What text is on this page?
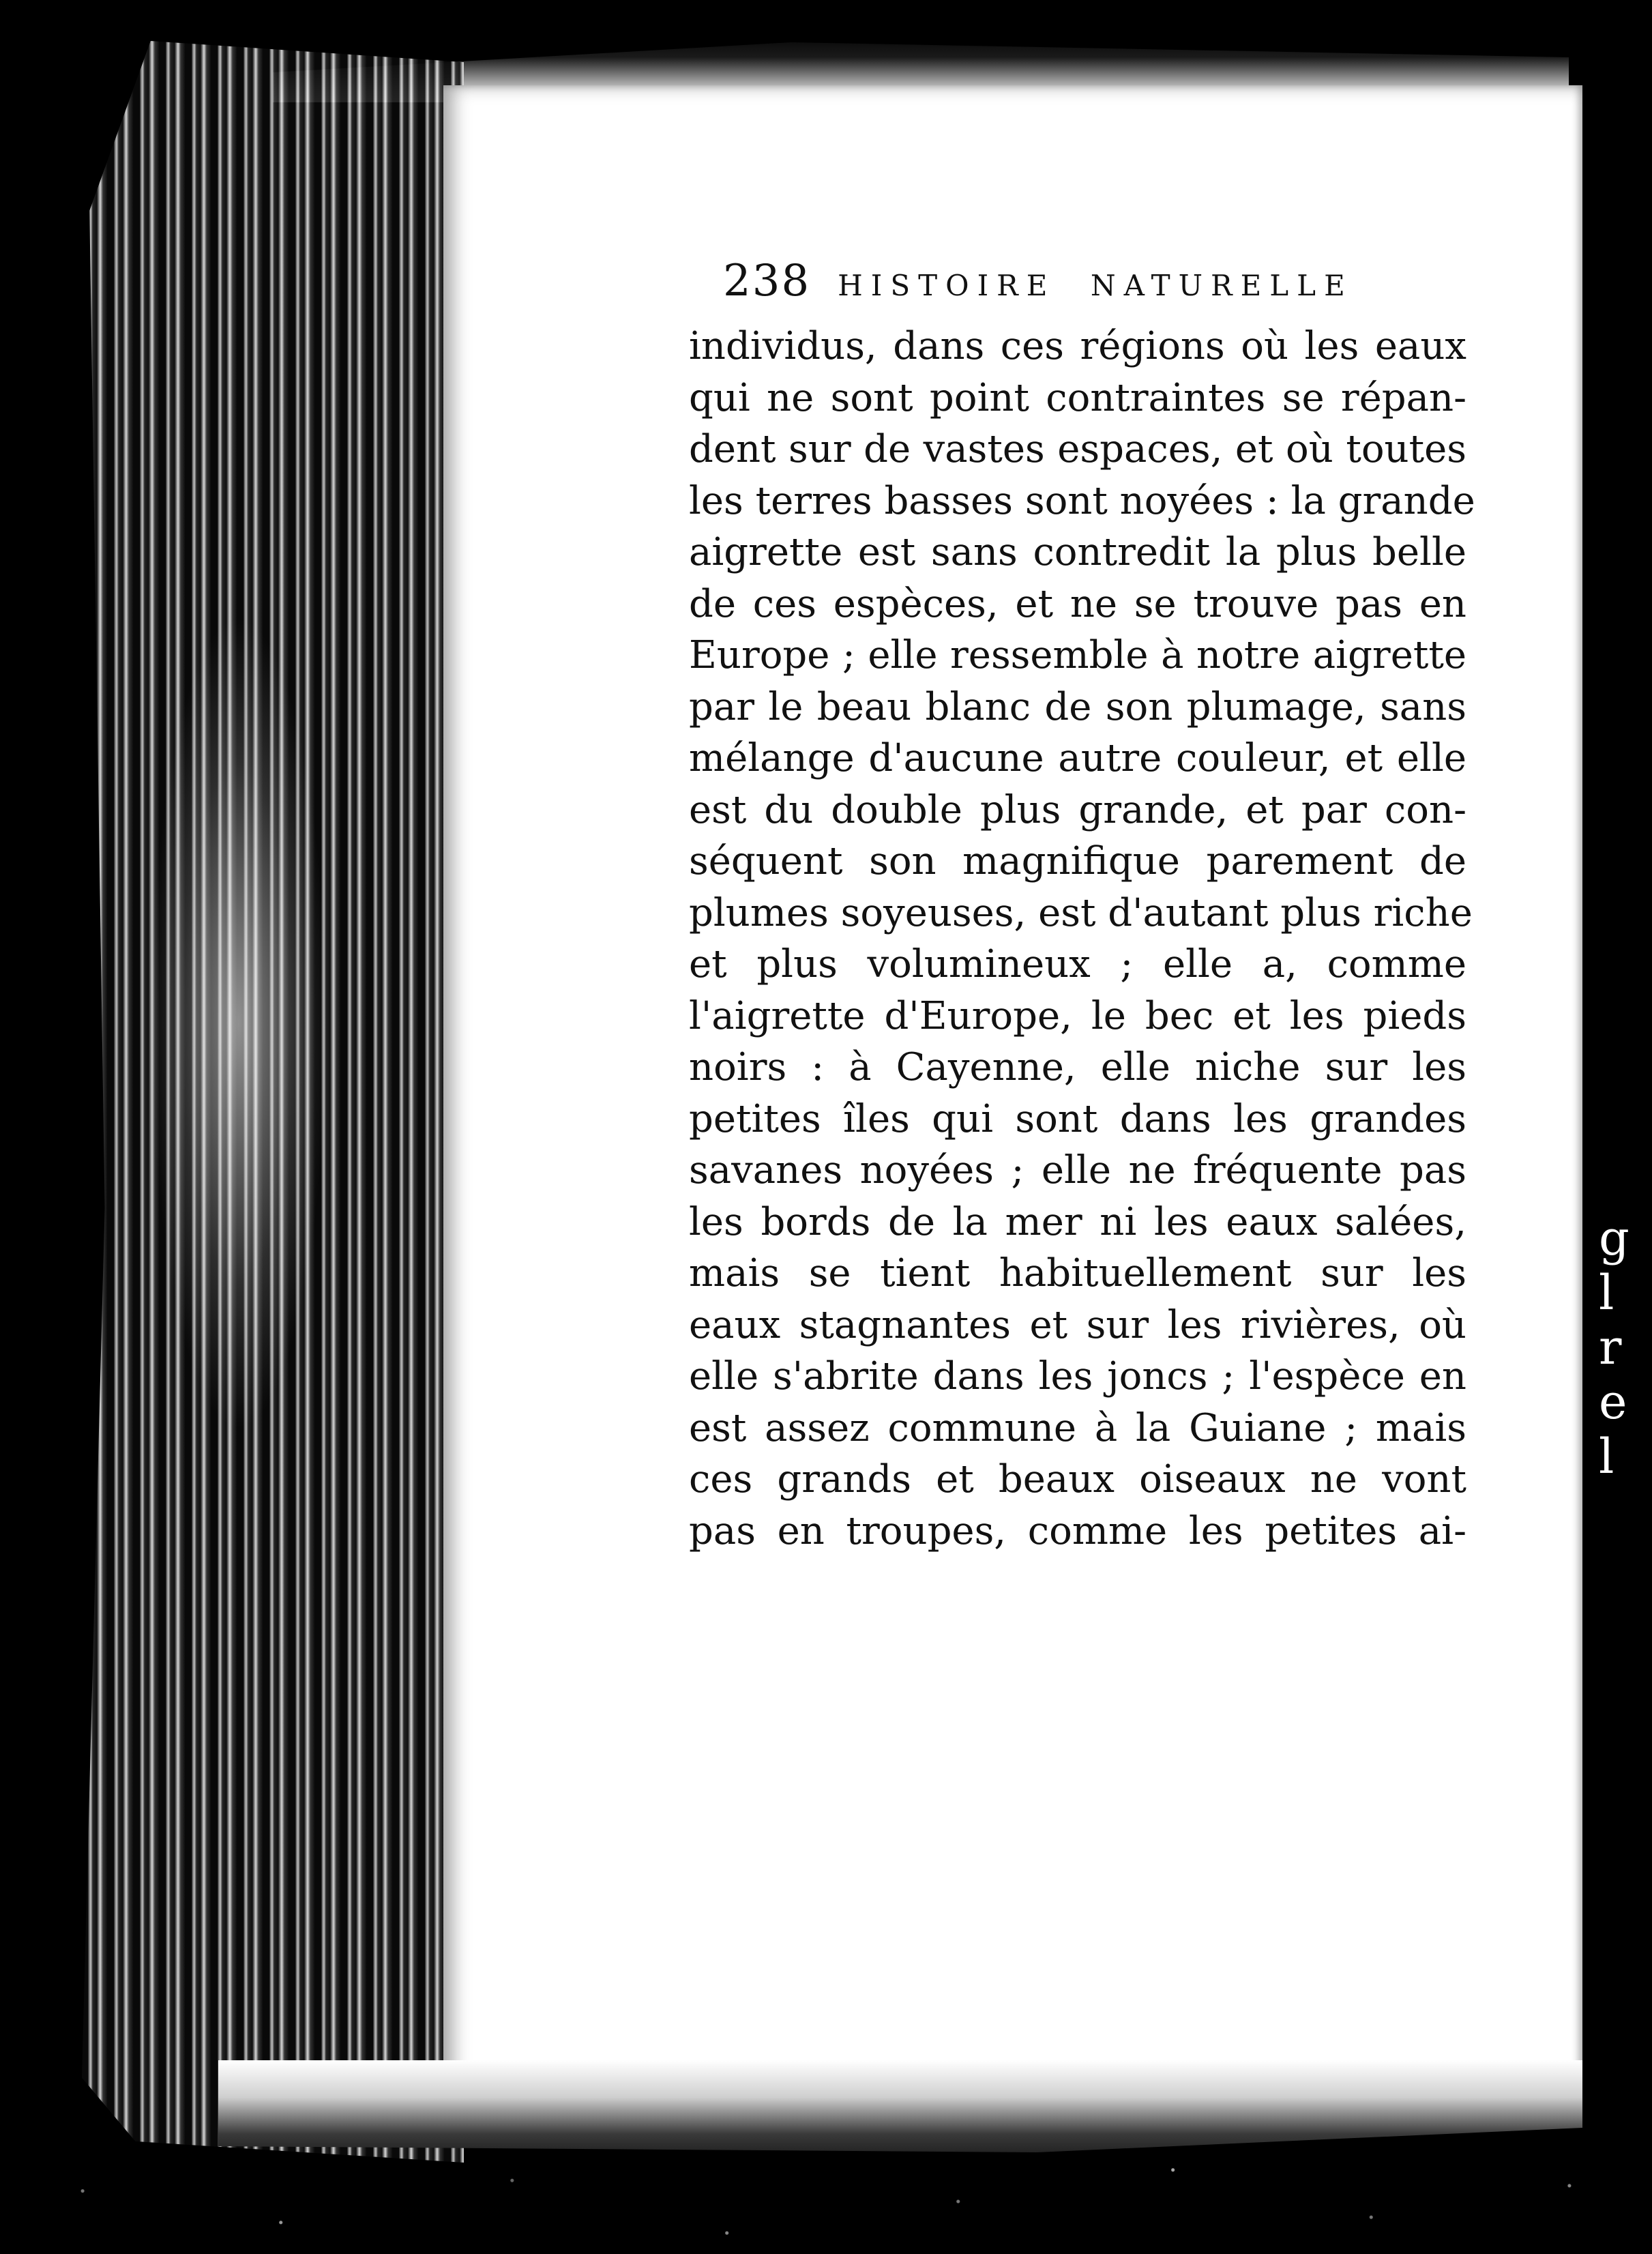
238 HISTOIRE NATURELLE
individus, dans ces régions où les eaux
qui ne sont point contraintes se répan-
dent sur de vastes espaces, et où toutes
les terres basses sont noyées : la grande
aigrette est sans contredit la plus belle
de ces espèces, et ne se trouve pas en
Europe ; elle ressemble à notre aigrette
par le beau blanc de son plumage, sans
mélange d'aucune autre couleur, et elle
est du double plus grande, et par con-
séquent son magnifique parement de
plumes soyeuses, est d'autant plus riche
et plus volumineux ; elle a, comme
l'aigrette d'Europe, le bec et les pieds
noirs : à Cayenne, elle niche sur les
petites îles qui sont dans les grandes
savanes noyées ; elle ne fréquente pas
les bords de la mer ni les eaux salées,
mais se tient habituellement sur les
eaux stagnantes et sur les rivières, où
elle s'abrite dans les joncs ; l'espèce en
est assez commune à la Guiane ; mais
ces grands et beaux oiseaux ne vont
pas en troupes, comme les petites ai-
g
l
r
e
l
